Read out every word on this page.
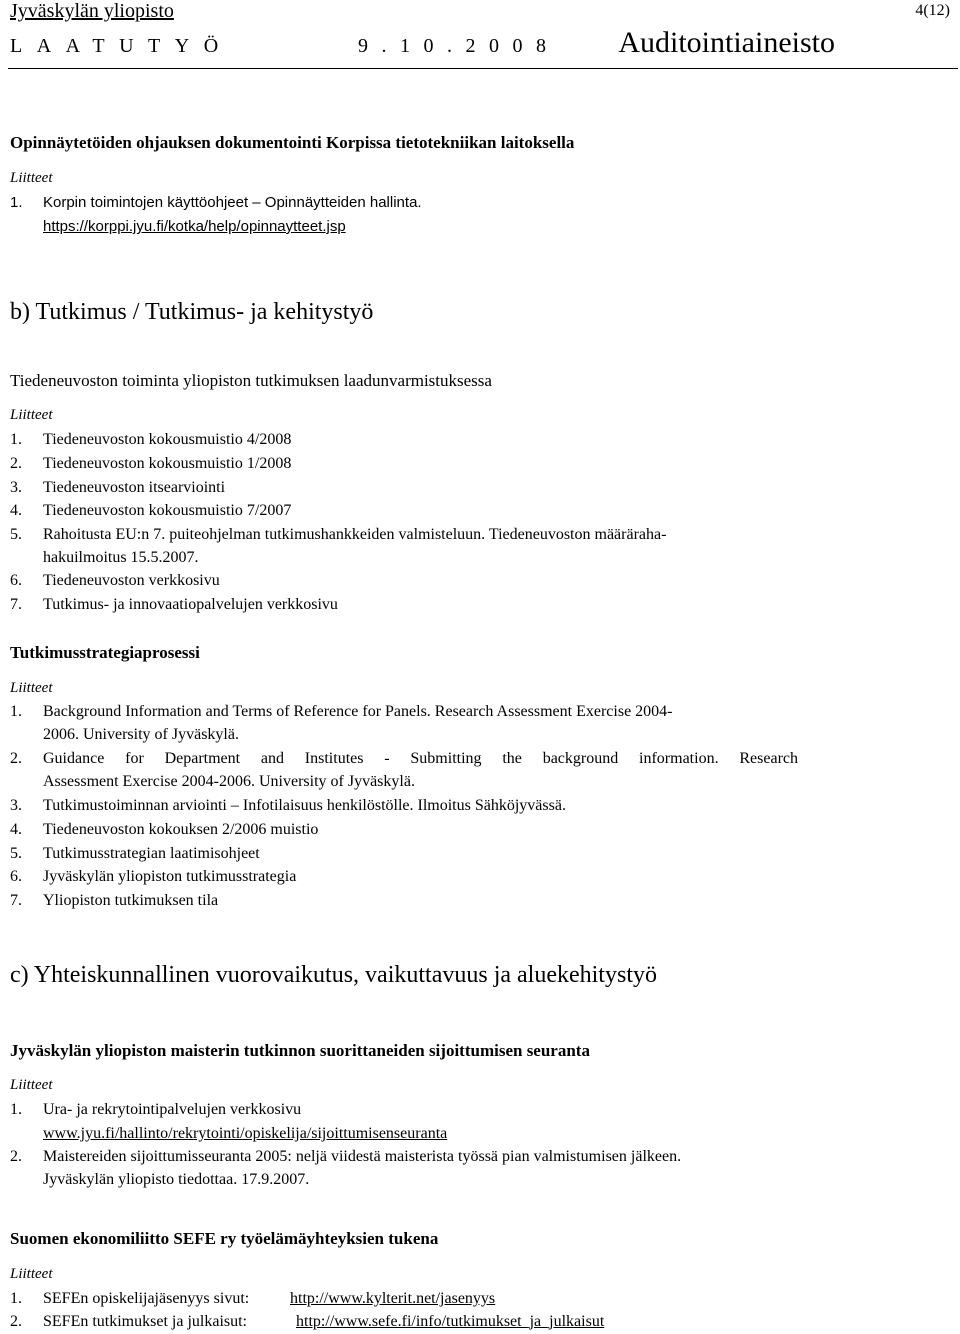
Jyväskylän yliopisto	4(12)
LAATUTYÖ	9.10.2008 Auditointiaineisto
Opinnäytetöiden ohjauksen dokumentointi Korpissa tietotekniikan laitoksella
Liitteet
1. Korpin toimintojen käyttöohjeet – Opinnäytteiden hallinta.
https://korppi.jyu.fi/kotka/help/opinnaytteet.jsp
b) Tutkimus / Tutkimus- ja kehitystyö
Tiedeneuvoston toiminta yliopiston tutkimuksen laadunvarmistuksessa
Liitteet
1. Tiedeneuvoston kokousmuistio 4/2008
2. Tiedeneuvoston kokousmuistio 1/2008
3. Tiedeneuvoston itsearviointi
4. Tiedeneuvoston kokousmuistio 7/2007
5. Rahoitusta EU:n 7. puiteohjelman tutkimushankkeiden valmisteluun. Tiedeneuvoston määräraha-
hakuilmoitus 15.5.2007.
6. Tiedeneuvoston verkkosivu
7. Tutkimus- ja innovaatiopalvelujen verkkosivu
Tutkimusstrategiaprosessi
Liitteet
1. Background Information and Terms of Reference for Panels. Research Assessment Exercise 2004-
2006. University of Jyväskylä.
2. Guidance for Department and Institutes - Submitting the background information. Research
Assessment Exercise 2004-2006. University of Jyväskylä.
3. Tutkimustoiminnan arviointi – Infotilaisuus henkilöstölle. Ilmoitus Sähköjyvässä.
4. Tiedeneuvoston kokouksen 2/2006 muistio
5. Tutkimusstrategian laatimisohjeet
6. Jyväskylän yliopiston tutkimusstrategia
7. Yliopiston tutkimuksen tila
c) Yhteiskunnallinen vuorovaikutus, vaikuttavuus ja aluekehitystyö
Jyväskylän yliopiston maisterin tutkinnon suorittaneiden sijoittumisen seuranta
Liitteet
1. Ura- ja rekrytointipalvelujen verkkosivu
www.jyu.fi/hallinto/rekrytointi/opiskelija/sijoittumisenseuranta
2. Maistereiden sijoittumisseuranta 2005: neljä viidestä maisterista työssä pian valmistumisen jälkeen.
Jyväskylän yliopisto tiedottaa. 17.9.2007.
Suomen ekonomiliitto SEFE ry työelämäyhteyksien tukena
Liitteet
1. SEFEn opiskelijajäsenyys sivut:	http://www.kylterit.net/jasenyys
2. SEFEn tutkimukset ja julkaisut:	http://www.sefe.fi/info/tutkimukset_ja_julkaisut
